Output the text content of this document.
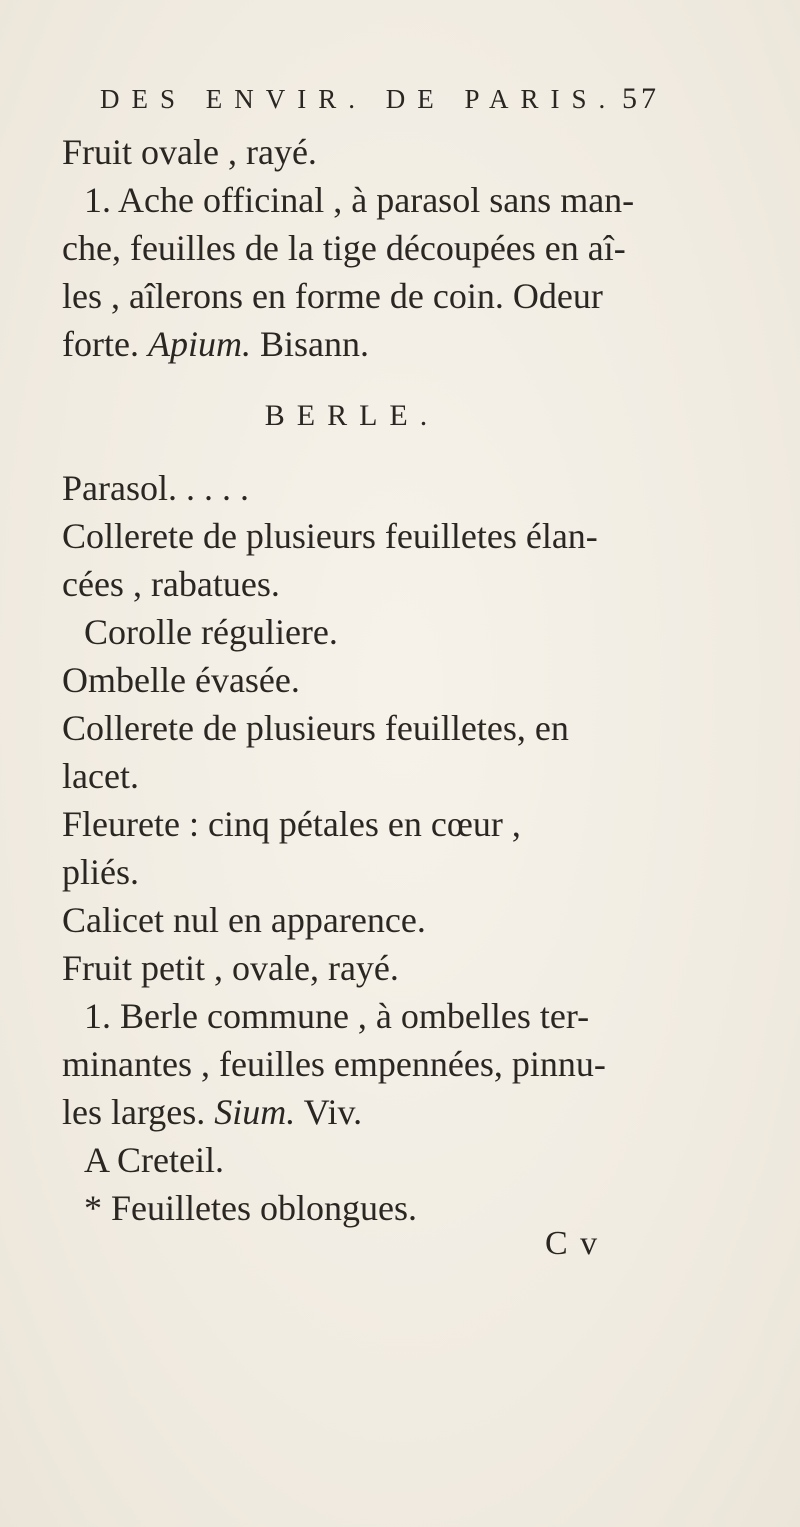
DES ENVIR. DE PARIS. 57
Fruit ovale , rayé.
1. Ache officinal , à parasol sans man-
che, feuilles de la tige découpées en aî-
les , aîlerons en forme de coin. Odeur
forte. Apium. Bisann.
BERLE.
Parasol. . . . .
Collerete de plusieurs feuilletes élan-
cées , rabatues.
Corolle réguliere.
Ombelle évasée.
Collerete de plusieurs feuilletes, en
lacet.
Fleurete : cinq pétales en cœur ,
pliés.
Calicet nul en apparence.
Fruit petit , ovale, rayé.
1. Berle commune , à ombelles ter-
minantes , feuilles empennées, pinnu-
les larges. Sium. Viv.
A Creteil.
* Feuilletes oblongues.
C v
